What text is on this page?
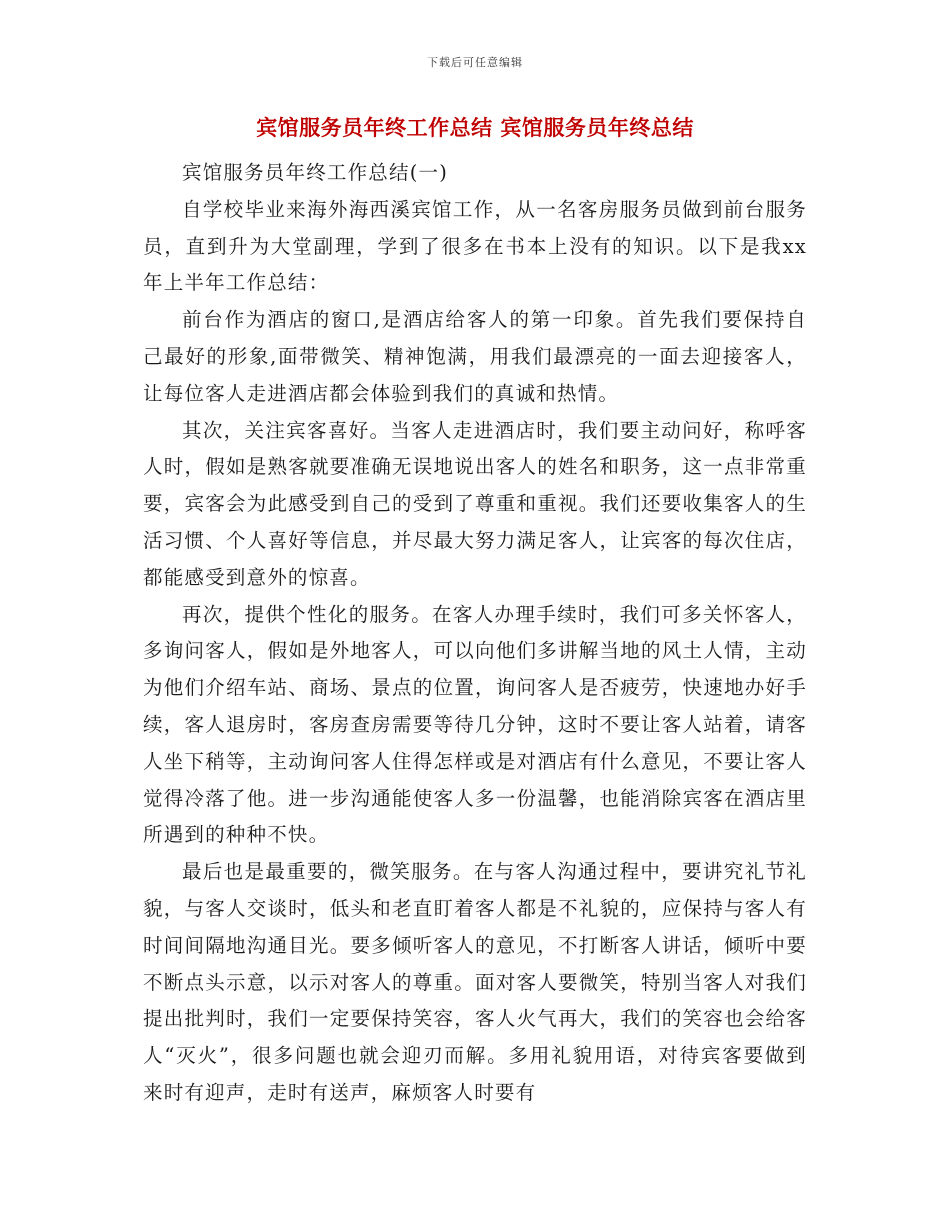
下载后可任意编辑
宾馆服务员年终工作总结 宾馆服务员年终总结

宾馆服务员年终工作总结(一)

自学校毕业来海外海西溪宾馆工作，从一名客房服务员做到前台服务员，直到升为大堂副理，学到了很多在书本上没有的知识。以下是我xx年上半年工作总结：

前台作为酒店的窗口,是酒店给客人的第一印象。首先我们要保持自己最好的形象,面带微笑、精神饱满，用我们最漂亮的一面去迎接客人，让每位客人走进酒店都会体验到我们的真诚和热情。

其次，关注宾客喜好。当客人走进酒店时，我们要主动问好，称呼客人时，假如是熟客就要准确无误地说出客人的姓名和职务，这一点非常重要，宾客会为此感受到自己的受到了尊重和重视。我们还要收集客人的生活习惯、个人喜好等信息，并尽最大努力满足客人，让宾客的每次住店，都能感受到意外的惊喜。

再次，提供个性化的服务。在客人办理手续时，我们可多关怀客人，多询问客人，假如是外地客人，可以向他们多讲解当地的风土人情，主动为他们介绍车站、商场、景点的位置，询问客人是否疲劳，快速地办好手续，客人退房时，客房查房需要等待几分钟，这时不要让客人站着，请客人坐下稍等，主动询问客人住得怎样或是对酒店有什么意见，不要让客人觉得冷落了他。进一步沟通能使客人多一份温馨，也能消除宾客在酒店里所遇到的种种不快。

最后也是最重要的，微笑服务。在与客人沟通过程中，要讲究礼节礼貌，与客人交谈时，低头和老直盯着客人都是不礼貌的，应保持与客人有时间间隔地沟通目光。要多倾听客人的意见，不打断客人讲话，倾听中要不断点头示意，以示对客人的尊重。面对客人要微笑，特别当客人对我们提出批判时，我们一定要保持笑容，客人火气再大，我们的笑容也会给客人“灭火”，很多问题也就会迎刃而解。多用礼貌用语，对待宾客要做到来时有迎声，走时有送声，麻烦客人时要有
